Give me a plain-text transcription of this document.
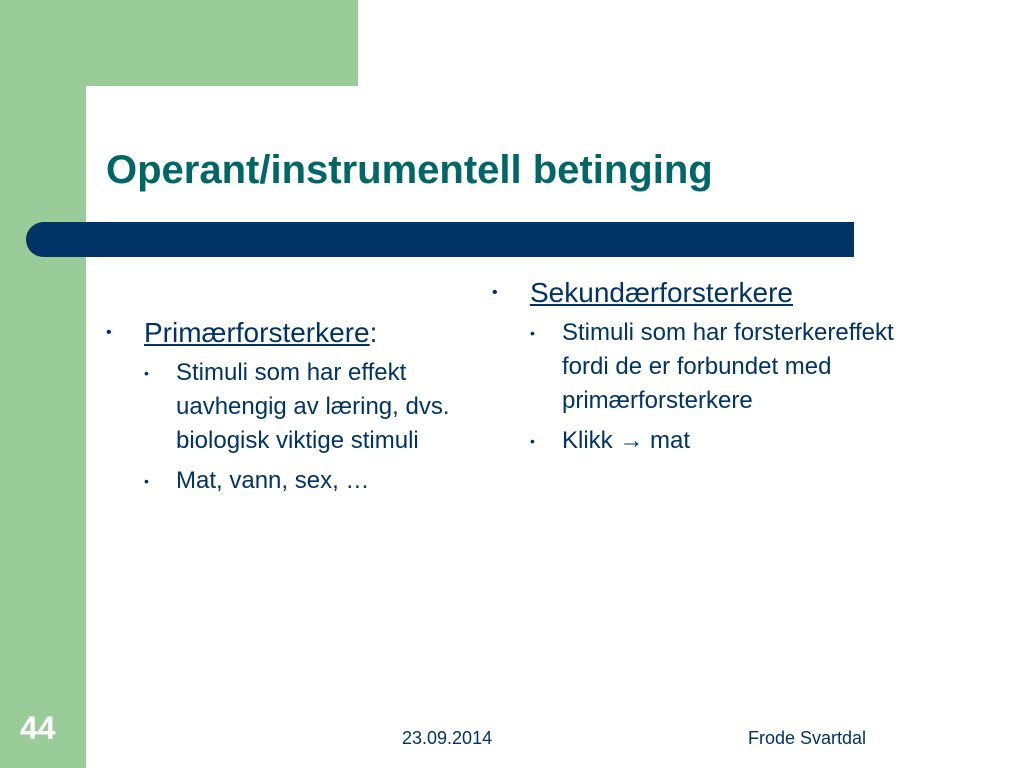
Operant/instrumentell betinging
• Primærforsterkere:
• Stimuli som har effekt uavhengig av læring, dvs. biologisk viktige stimuli
• Mat, vann, sex, …
• Sekundærforsterkere
• Stimuli som har forsterkereffekt fordi de er forbundet med primærforsterkere
• Klikk → mat
44	23.09.2014	Frode Svartdal
